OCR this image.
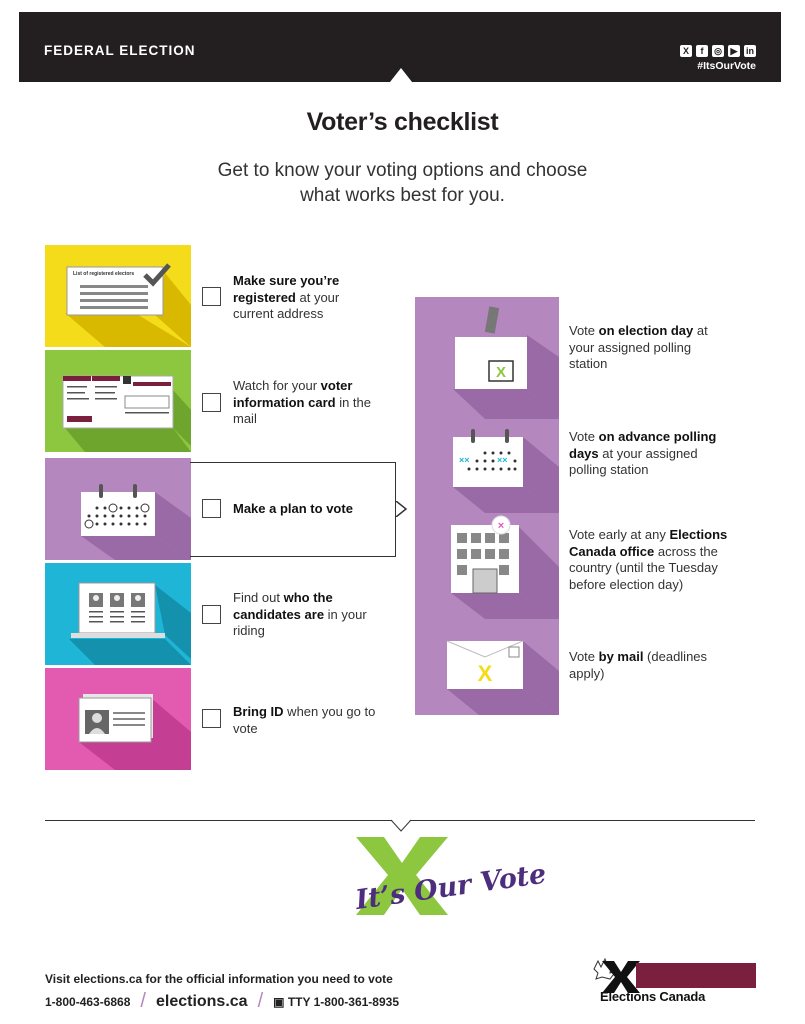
FEDERAL ELECTION	X	f	◎ ▶ in
#ItsOurVote
Voter’s checklist
Get to know your voting options and choose what works best for you.
List of registered electors	Make sure you’re registered at your current address
Watch for your voter information card in the mail
Make a plan to vote
Find out who the candidates are in your riding
Bring ID when you go to vote
X
××	××
×
X
Vote on election day at your assigned polling station
Vote on advance polling days at your assigned polling station
Vote early at any Elections Canada office across the country (until the Tuesday before election day)
Vote by mail (deadlines apply)
It’s Our Vote
Visit elections.ca for the official information you need to vote
1-800-463-6868 / elections.ca / ▣ TTY 1-800-361-8935	Elections Canada
